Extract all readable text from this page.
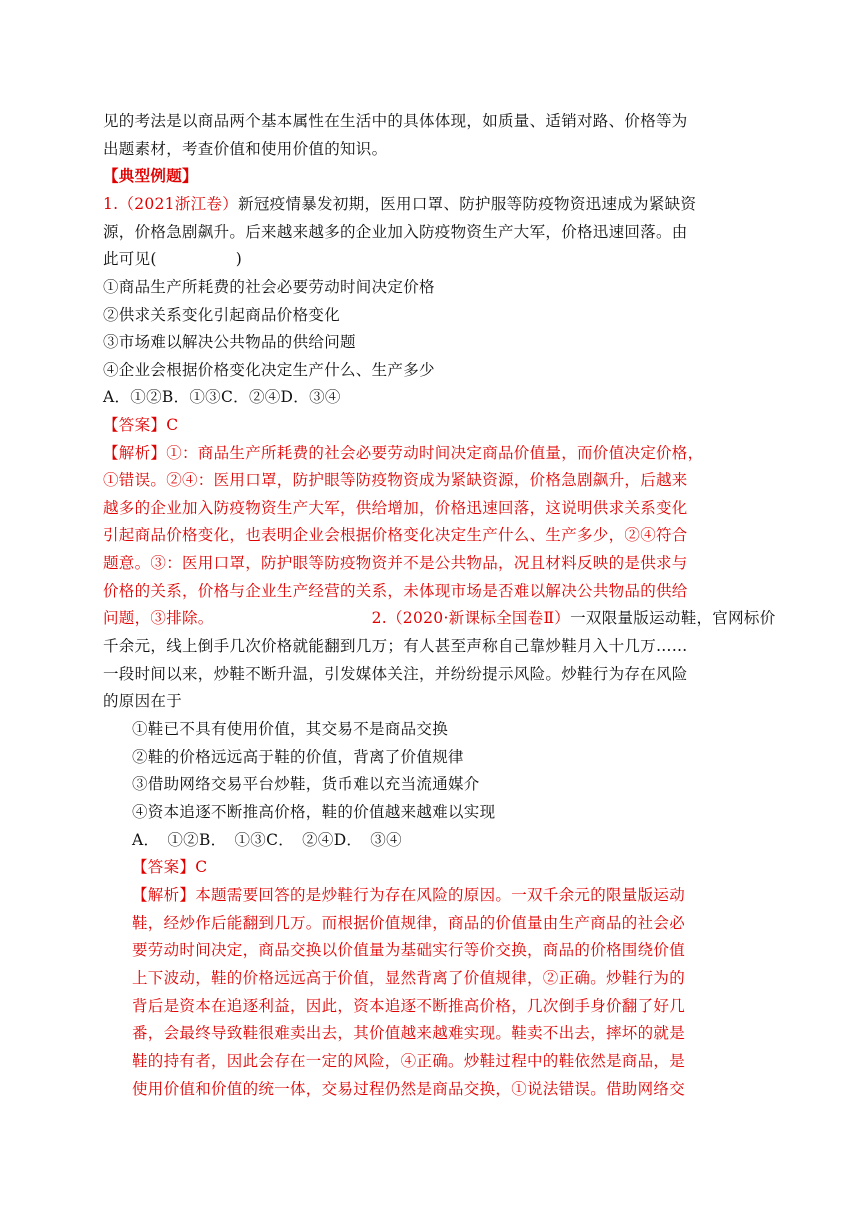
见的考法是以商品两个基本属性在生活中的具体体现，如质量、适销对路、价格等为
出题素材，考查价值和使用价值的知识。
【典型例题】
1.（2021浙江卷）新冠疫情暴发初期，医用口罩、防护服等防疫物资迅速成为紧缺资
源，价格急剧飙升。后来越来越多的企业加入防疫物资生产大军，价格迅速回落。由
此可见(　　　　　)
①商品生产所耗费的社会必要劳动时间决定价格
②供求关系变化引起商品价格变化
③市场难以解决公共物品的供给问题
④企业会根据价格变化决定生产什么、生产多少
A．①②B．①③C．②④D．③④
【答案】C
【解析】①：商品生产所耗费的社会必要劳动时间决定商品价值量，而价值决定价格，
①错误。②④：医用口罩，防护眼等防疫物资成为紧缺资源，价格急剧飙升，后越来
越多的企业加入防疫物资生产大军，供给增加，价格迅速回落，这说明供求关系变化
引起商品价格变化，也表明企业会根据价格变化决定生产什么、生产多少，②④符合
题意。③：医用口罩，防护眼等防疫物资并不是公共物品，况且材料反映的是供求与
价格的关系，价格与企业生产经营的关系，未体现市场是否难以解决公共物品的供给
问题，③排除。	2.（2020·新课标全国卷Ⅱ）一双限量版运动鞋，官网标价
千余元，线上倒手几次价格就能翻到几万；有人甚至声称自己靠炒鞋月入十几万……
一段时间以来，炒鞋不断升温，引发媒体关注，并纷纷提示风险。炒鞋行为存在风险
的原因在于
①鞋已不具有使用价值，其交易不是商品交换
②鞋的价格远远高于鞋的价值，背离了价值规律
③借助网络交易平台炒鞋，货币难以充当流通媒介
④资本追逐不断推高价格，鞋的价值越来越难以实现
A．　①②B．　①③C．　②④D．　③④
【答案】C
【解析】本题需要回答的是炒鞋行为存在风险的原因。一双千余元的限量版运动
鞋，经炒作后能翻到几万。而根据价值规律，商品的价值量由生产商品的社会必
要劳动时间决定，商品交换以价值量为基础实行等价交换，商品的价格围绕价值
上下波动，鞋的价格远远高于价值，显然背离了价值规律，②正确。炒鞋行为的
背后是资本在追逐利益，因此，资本追逐不断推高价格，几次倒手身价翻了好几
番，会最终导致鞋很难卖出去，其价值越来越难实现。鞋卖不出去，摔坏的就是
鞋的持有者，因此会存在一定的风险，④正确。炒鞋过程中的鞋依然是商品，是
使用价值和价值的统一体，交易过程仍然是商品交换，①说法错误。借助网络交
